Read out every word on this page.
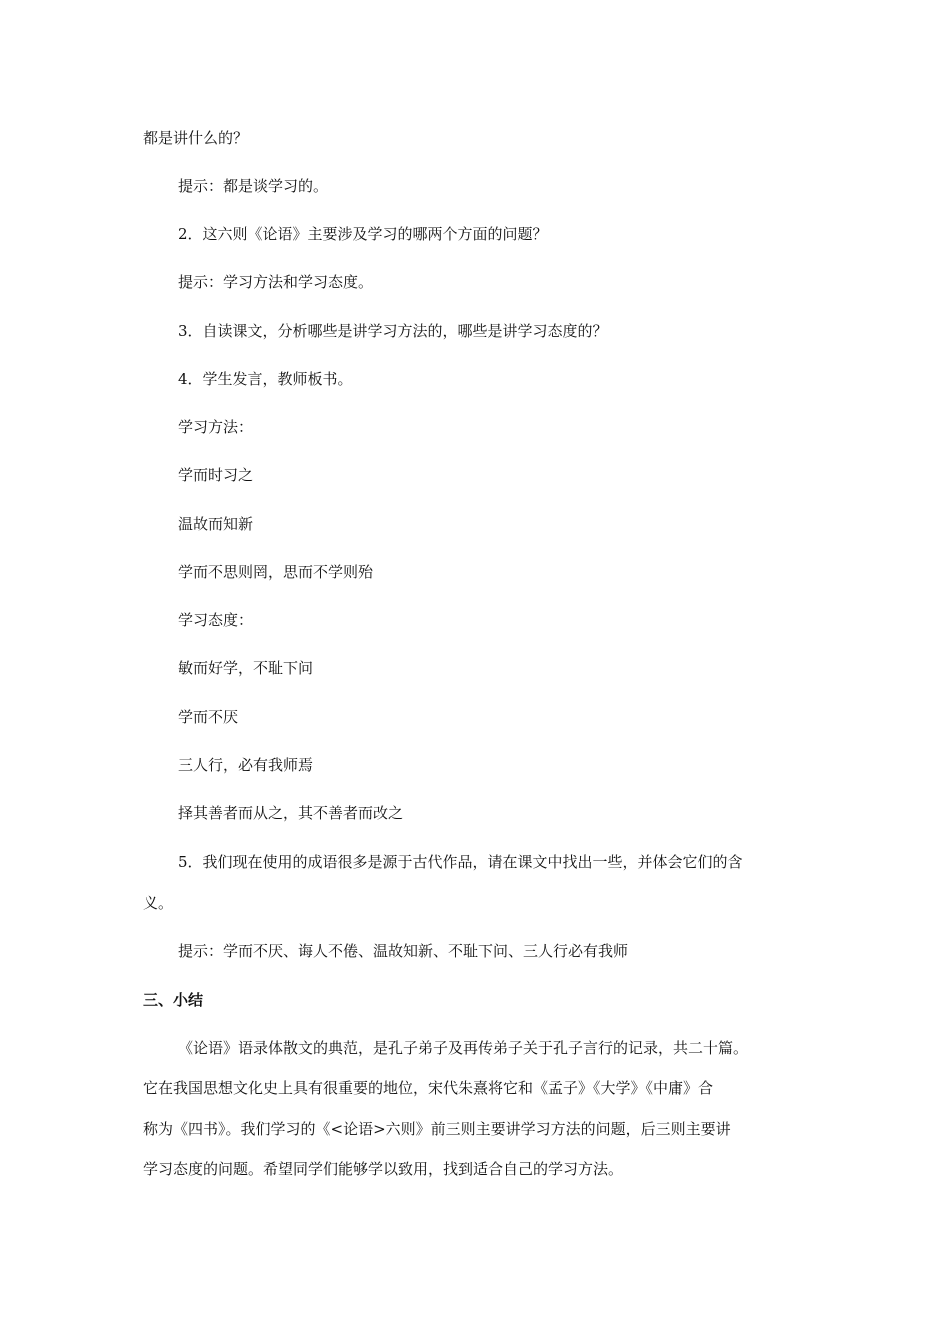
都是讲什么的？
提示：都是谈学习的。
2．这六则《论语》主要涉及学习的哪两个方面的问题？
提示：学习方法和学习态度。
3．自读课文，分析哪些是讲学习方法的，哪些是讲学习态度的？
4．学生发言，教师板书。
学习方法：
学而时习之
温故而知新
学而不思则罔，思而不学则殆
学习态度：
敏而好学，不耻下问
学而不厌
三人行，必有我师焉
择其善者而从之，其不善者而改之
5．我们现在使用的成语很多是源于古代作品，请在课文中找出一些，并体会它们的含
义。
提示：学而不厌、诲人不倦、温故知新、不耻下问、三人行必有我师
三、小结
《论语》语录体散文的典范，是孔子弟子及再传弟子关于孔子言行的记录，共二十篇。
它在我国思想文化史上具有很重要的地位，宋代朱熹将它和《孟子》《大学》《中庸》合
称为《四书》。我们学习的《<论语>六则》前三则主要讲学习方法的问题，后三则主要讲
学习态度的问题。希望同学们能够学以致用，找到适合自己的学习方法。
